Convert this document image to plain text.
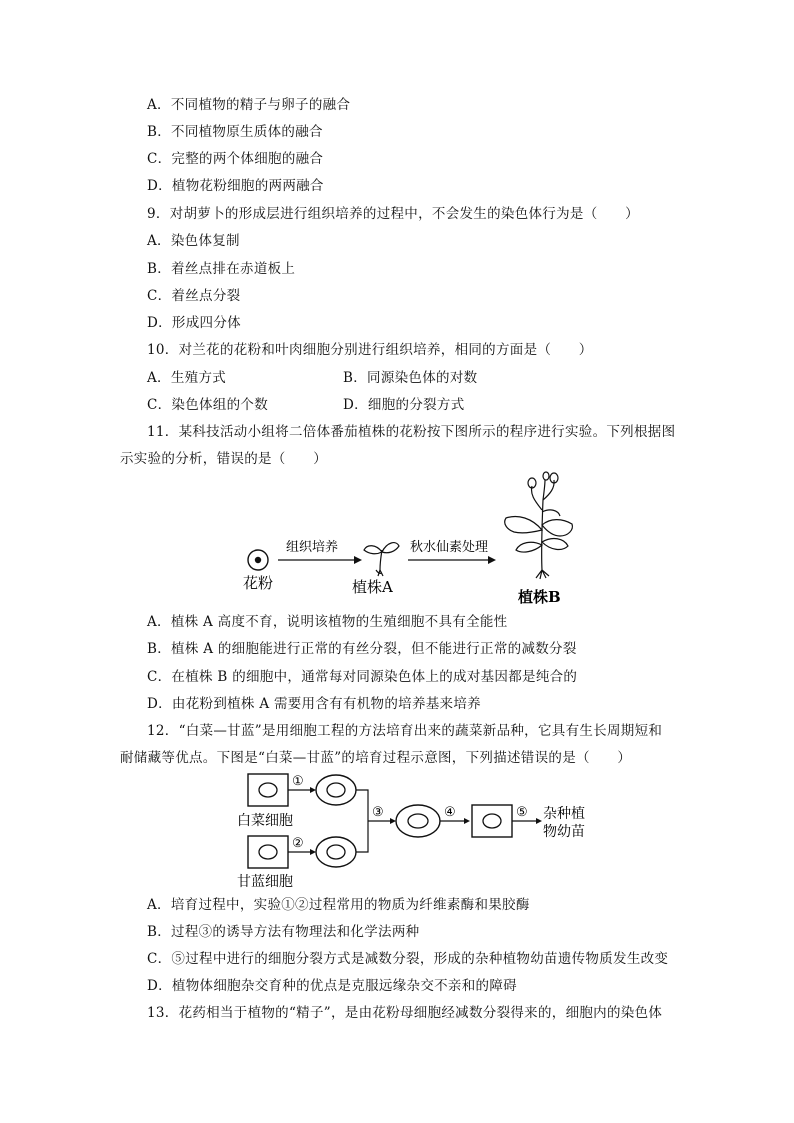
A．不同植物的精子与卵子的融合
B．不同植物原生质体的融合
C．完整的两个体细胞的融合
D．植物花粉细胞的两两融合
9．对胡萝卜的形成层进行组织培养的过程中，不会发生的染色体行为是（　　）
A．染色体复制
B．着丝点排在赤道板上
C．着丝点分裂
D．形成四分体
10．对兰花的花粉和叶肉细胞分别进行组织培养，相同的方面是（　　）
A．生殖方式	B．同源染色体的对数
C．染色体组的个数	D．细胞的分裂方式
11．某科技活动小组将二倍体番茄植株的花粉按下图所示的程序进行实验。下列根据图
示实验的分析，错误的是（　　）
花粉
组织培养
植株A
秋水仙素处理
植株B
A．植株 A 高度不育，说明该植物的生殖细胞不具有全能性
B．植株 A 的细胞能进行正常的有丝分裂，但不能进行正常的减数分裂
C．在植株 B 的细胞中，通常每对同源染色体上的成对基因都是纯合的
D．由花粉到植株 A 需要用含有有机物的培养基来培养
12．“白菜—甘蓝”是用细胞工程的方法培育出来的蔬菜新品种，它具有生长周期短和
耐储藏等优点。下图是“白菜—甘蓝”的培育过程示意图，下列描述错误的是（　　）
白菜细胞
①
甘蓝细胞
②
③	④	⑤ 杂种植
物幼苗
A．培育过程中，实验①②过程常用的物质为纤维素酶和果胶酶
B．过程③的诱导方法有物理法和化学法两种
C．⑤过程中进行的细胞分裂方式是减数分裂，形成的杂种植物幼苗遗传物质发生改变
D．植物体细胞杂交育种的优点是克服远缘杂交不亲和的障碍
13．花药相当于植物的“精子”，是由花粉母细胞经减数分裂得来的，细胞内的染色体
